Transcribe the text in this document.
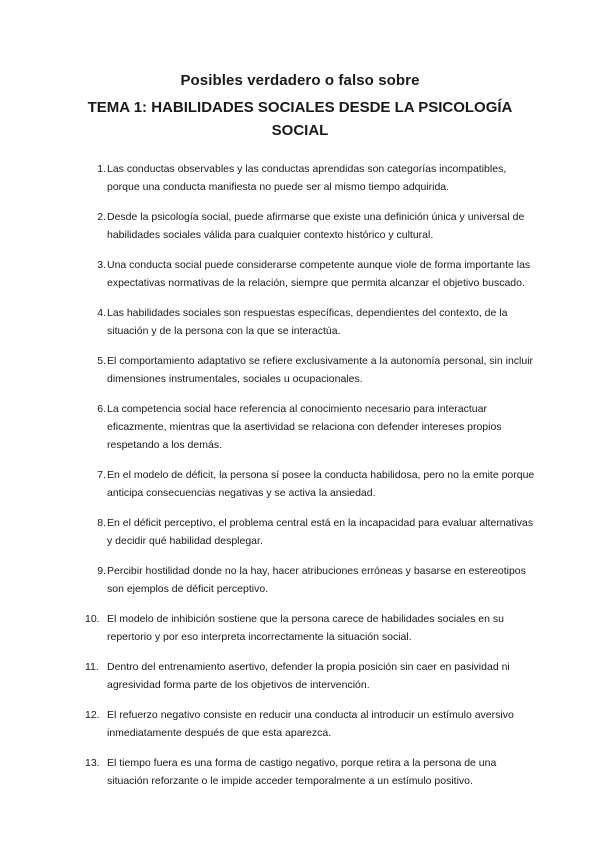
Posibles verdadero o falso sobre
TEMA 1: HABILIDADES SOCIALES DESDE LA PSICOLOGÍA SOCIAL
1. Las conductas observables y las conductas aprendidas son categorías incompatibles, porque una conducta manifiesta no puede ser al mismo tiempo adquirida.
2. Desde la psicología social, puede afirmarse que existe una definición única y universal de habilidades sociales válida para cualquier contexto histórico y cultural.
3. Una conducta social puede considerarse competente aunque viole de forma importante las expectativas normativas de la relación, siempre que permita alcanzar el objetivo buscado.
4. Las habilidades sociales son respuestas específicas, dependientes del contexto, de la situación y de la persona con la que se interactúa.
5. El comportamiento adaptativo se refiere exclusivamente a la autonomía personal, sin incluir dimensiones instrumentales, sociales u ocupacionales.
6. La competencia social hace referencia al conocimiento necesario para interactuar eficazmente, mientras que la asertividad se relaciona con defender intereses propios respetando a los demás.
7. En el modelo de déficit, la persona sí posee la conducta habilidosa, pero no la emite porque anticipa consecuencias negativas y se activa la ansiedad.
8. En el déficit perceptivo, el problema central está en la incapacidad para evaluar alternativas y decidir qué habilidad desplegar.
9. Percibir hostilidad donde no la hay, hacer atribuciones erróneas y basarse en estereotipos son ejemplos de déficit perceptivo.
10. El modelo de inhibición sostiene que la persona carece de habilidades sociales en su repertorio y por eso interpreta incorrectamente la situación social.
11. Dentro del entrenamiento asertivo, defender la propia posición sin caer en pasividad ni agresividad forma parte de los objetivos de intervención.
12. El refuerzo negativo consiste en reducir una conducta al introducir un estímulo aversivo inmediatamente después de que esta aparezca.
13. El tiempo fuera es una forma de castigo negativo, porque retira a la persona de una situación reforzante o le impide acceder temporalmente a un estímulo positivo.
